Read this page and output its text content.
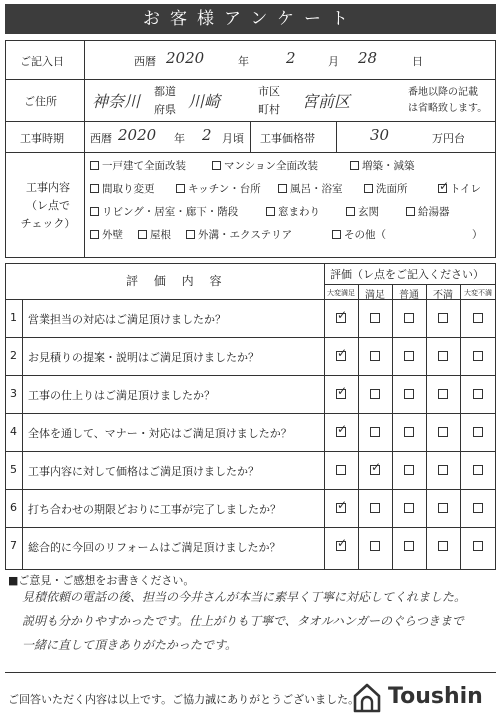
お客様アンケート
ご記入日	西暦 2020	年 2	月 28	日
ご住所 神奈川
都道
府県 川崎
市区
町村 宮前区	番地以降の記載
は省略致します。
工事時期 西暦 2020 年 2 月頃 工事価格帯	30	万円台
工事内容
（レ点で
チェック）
一戸建て全面改装	マンション全面改装	増築・減築
間取り変更	キッチン・台所	風呂・浴室	洗面所
✓	トイレ
リビング・居室・廊下・階段	窓まわり	玄関	給湯器
外壁	屋根	外溝・エクステリア	その他（	）
評 価 内 容	評価（レ点をご記入ください）
大変満足	満足	普通	不満	大変不満
1 営業担当の対応はご満足頂けましたか？
✓
2 お見積りの提案・説明はご満足頂けましたか？
✓
3 工事の仕上りはご満足頂けましたか？
✓
4 全体を通して、マナー・対応はご満足頂けましたか？
✓
5 工事内容に対して価格はご満足頂けましたか？
✓
6 打ち合わせの期限どおりに工事が完了しましたか？
✓
7 総合的に今回のリフォームはご満足頂けましたか？
✓
■ご意見・ご感想をお書きください。
見積依頼の電話の後、担当の今井さんが本当に素早く丁寧に対応してくれました。
説明も分かりやすかったです。仕上がりも丁寧で、タオルハンガーのぐらつきまで
一緒に直して頂きありがたかったです。
ご回答いただく内容は以上です。ご協力誠にありがとうございました。 Toushin
